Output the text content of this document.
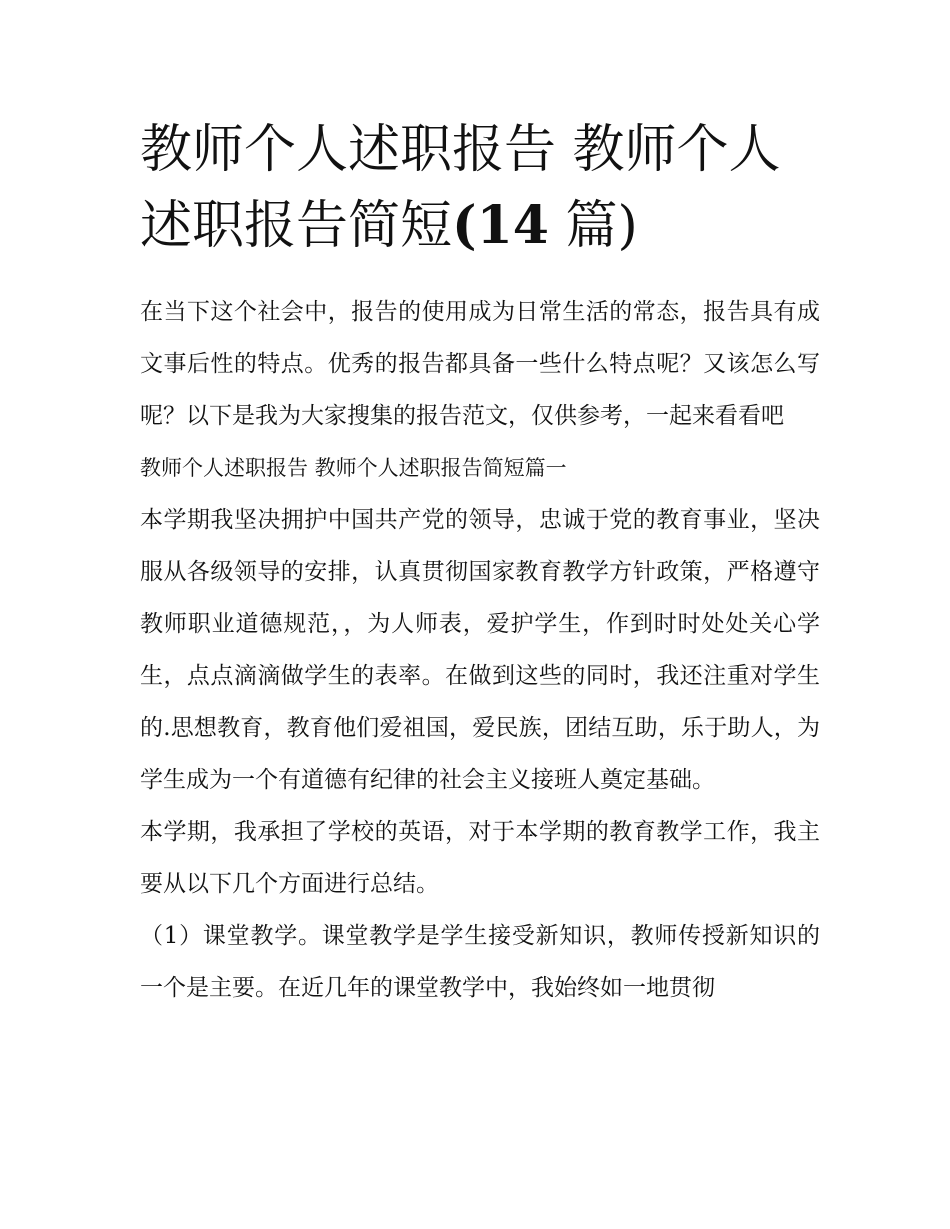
教师个人述职报告 教师个人述职报告简短(14 篇)

在当下这个社会中，报告的使用成为日常生活的常态，报告具有成文事后性的特点。优秀的报告都具备一些什么特点呢？又该怎么写呢？以下是我为大家搜集的报告范文，仅供参考，一起来看看吧

教师个人述职报告 教师个人述职报告简短篇一

本学期我坚决拥护中国共产党的领导，忠诚于党的教育事业，坚决服从各级领导的安排，认真贯彻国家教育教学方针政策，严格遵守教师职业道德规范，，为人师表，爱护学生，作到时时处处关心学生，点点滴滴做学生的表率。在做到这些的同时，我还注重对学生的.思想教育，教育他们爱祖国，爱民族，团结互助，乐于助人，为学生成为一个有道德有纪律的社会主义接班人奠定基础。

本学期，我承担了学校的英语，对于本学期的教育教学工作，我主要从以下几个方面进行总结。

（1）课堂教学。课堂教学是学生接受新知识，教师传授新知识的一个是主要。在近几年的课堂教学中，我始终如一地贯彻
